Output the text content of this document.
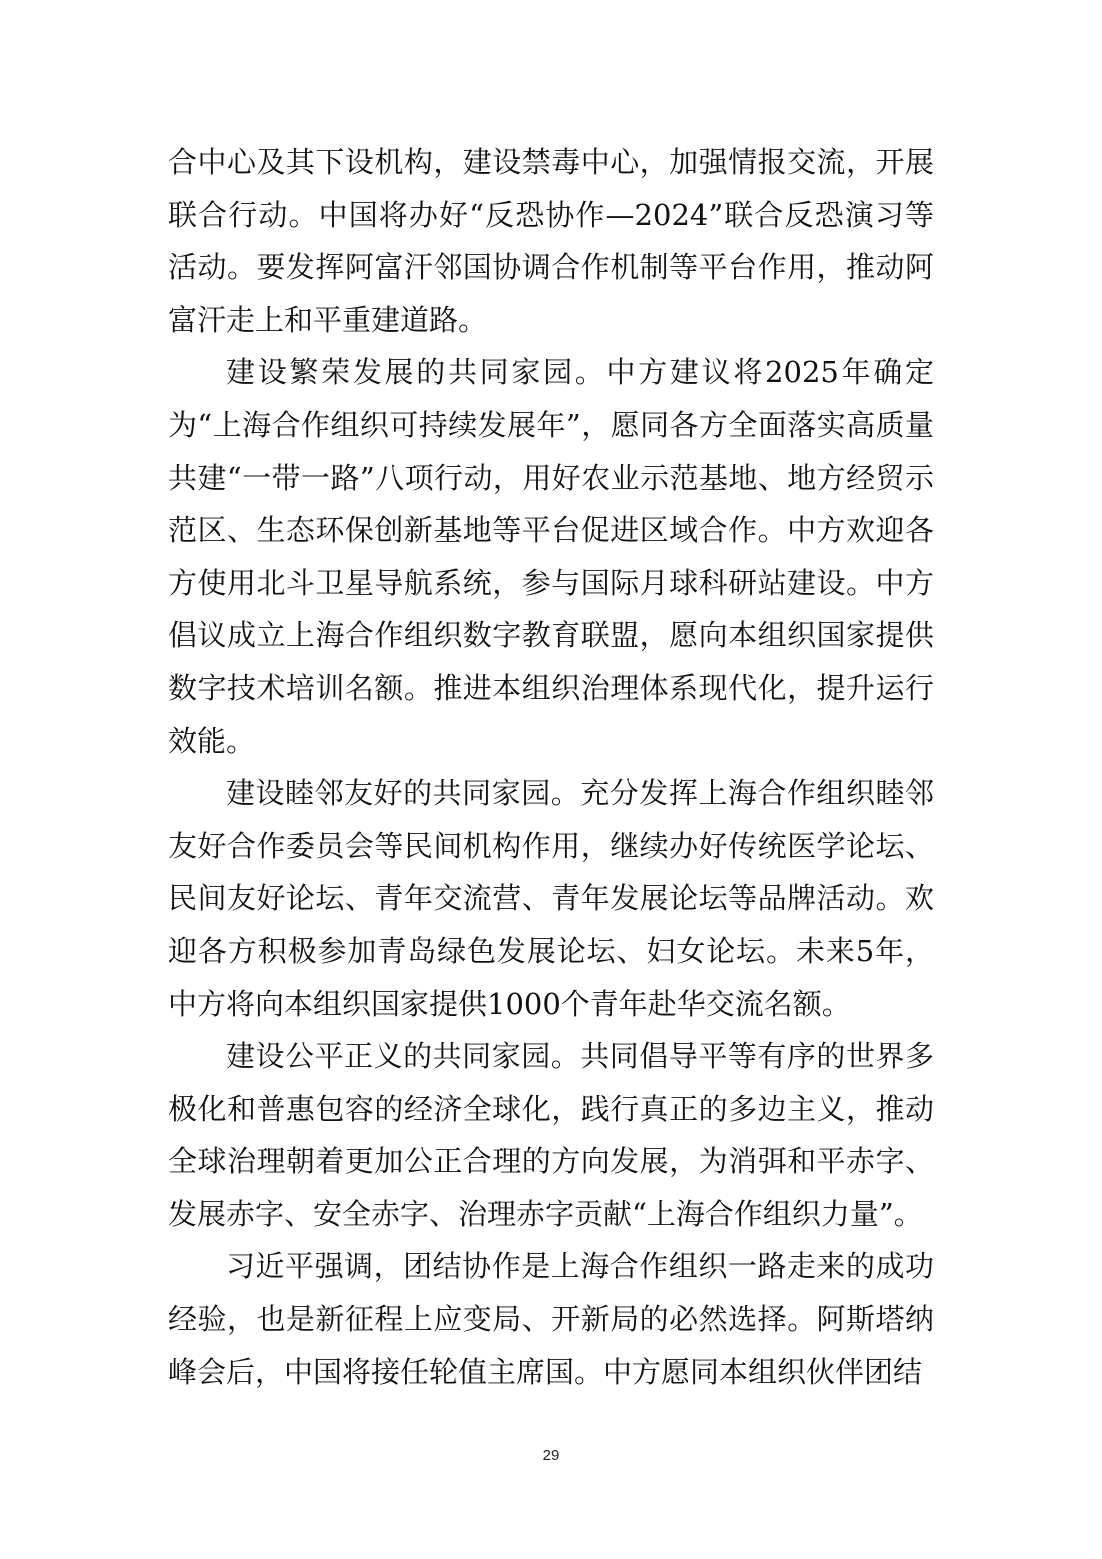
合中心及其下设机构，建设禁毒中心，加强情报交流，开展联合行动。中国将办好“反恐协作—2024”联合反恐演习等活动。要发挥阿富汗邻国协调合作机制等平台作用，推动阿富汗走上和平重建道路。

建设繁荣发展的共同家园。中方建议将2025年确定为“上海合作组织可持续发展年”，愿同各方全面落实高质量共建“一带一路”八项行动，用好农业示范基地、地方经贸示范区、生态环保创新基地等平台促进区域合作。中方欢迎各方使用北斗卫星导航系统，参与国际月球科研站建设。中方倡议成立上海合作组织数字教育联盟，愿向本组织国家提供数字技术培训名额。推进本组织治理体系现代化，提升运行效能。

建设睦邻友好的共同家园。充分发挥上海合作组织睦邻友好合作委员会等民间机构作用，继续办好传统医学论坛、民间友好论坛、青年交流营、青年发展论坛等品牌活动。欢迎各方积极参加青岛绿色发展论坛、妇女论坛。未来5年，中方将向本组织国家提供1000个青年赴华交流名额。

建设公平正义的共同家园。共同倡导平等有序的世界多极化和普惠包容的经济全球化，践行真正的多边主义，推动全球治理朝着更加公正合理的方向发展，为消弭和平赤字、发展赤字、安全赤字、治理赤字贡献“上海合作组织力量”。

习近平强调，团结协作是上海合作组织一路走来的成功经验，也是新征程上应变局、开新局的必然选择。阿斯塔纳峰会后，中国将接任轮值主席国。中方愿同本组织伙伴团结

29
